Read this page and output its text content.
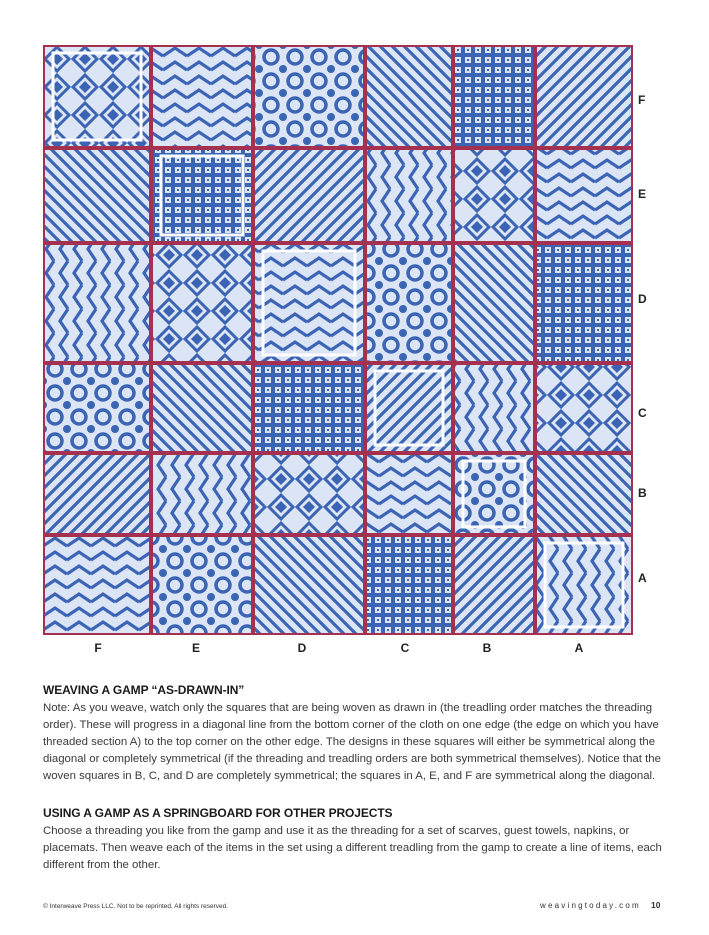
F	E	D	C	B	A
F
E
D
C
B
A
WEAVING A GAMP “AS-DRAWN-IN”

Note: As you weave, watch only the squares that are being woven as drawn in (the treadling order matches the threading order). These will progress in a diagonal line from the bottom corner of the cloth on one edge (the edge on which you have threaded section A) to the top corner on the other edge. The designs in these squares will either be symmetrical along the diagonal or completely symmetrical (if the threading and treadling orders are both symmetrical themselves). Notice that the woven squares in B, C, and D are completely symmetrical; the squares in A, E, and F are symmetrical along the diagonal.

USING A GAMP AS A SPRINGBOARD FOR OTHER PROJECTS

Choose a threading you like from the gamp and use it as the threading for a set of scarves, guest towels, napkins, or placemats. Then weave each of the items in the set using a different treadling from the gamp to create a line of items, each different from the other.

© Interweave Press LLC. Not to be reprinted. All rights reserved.	weavingtoday.com 10
